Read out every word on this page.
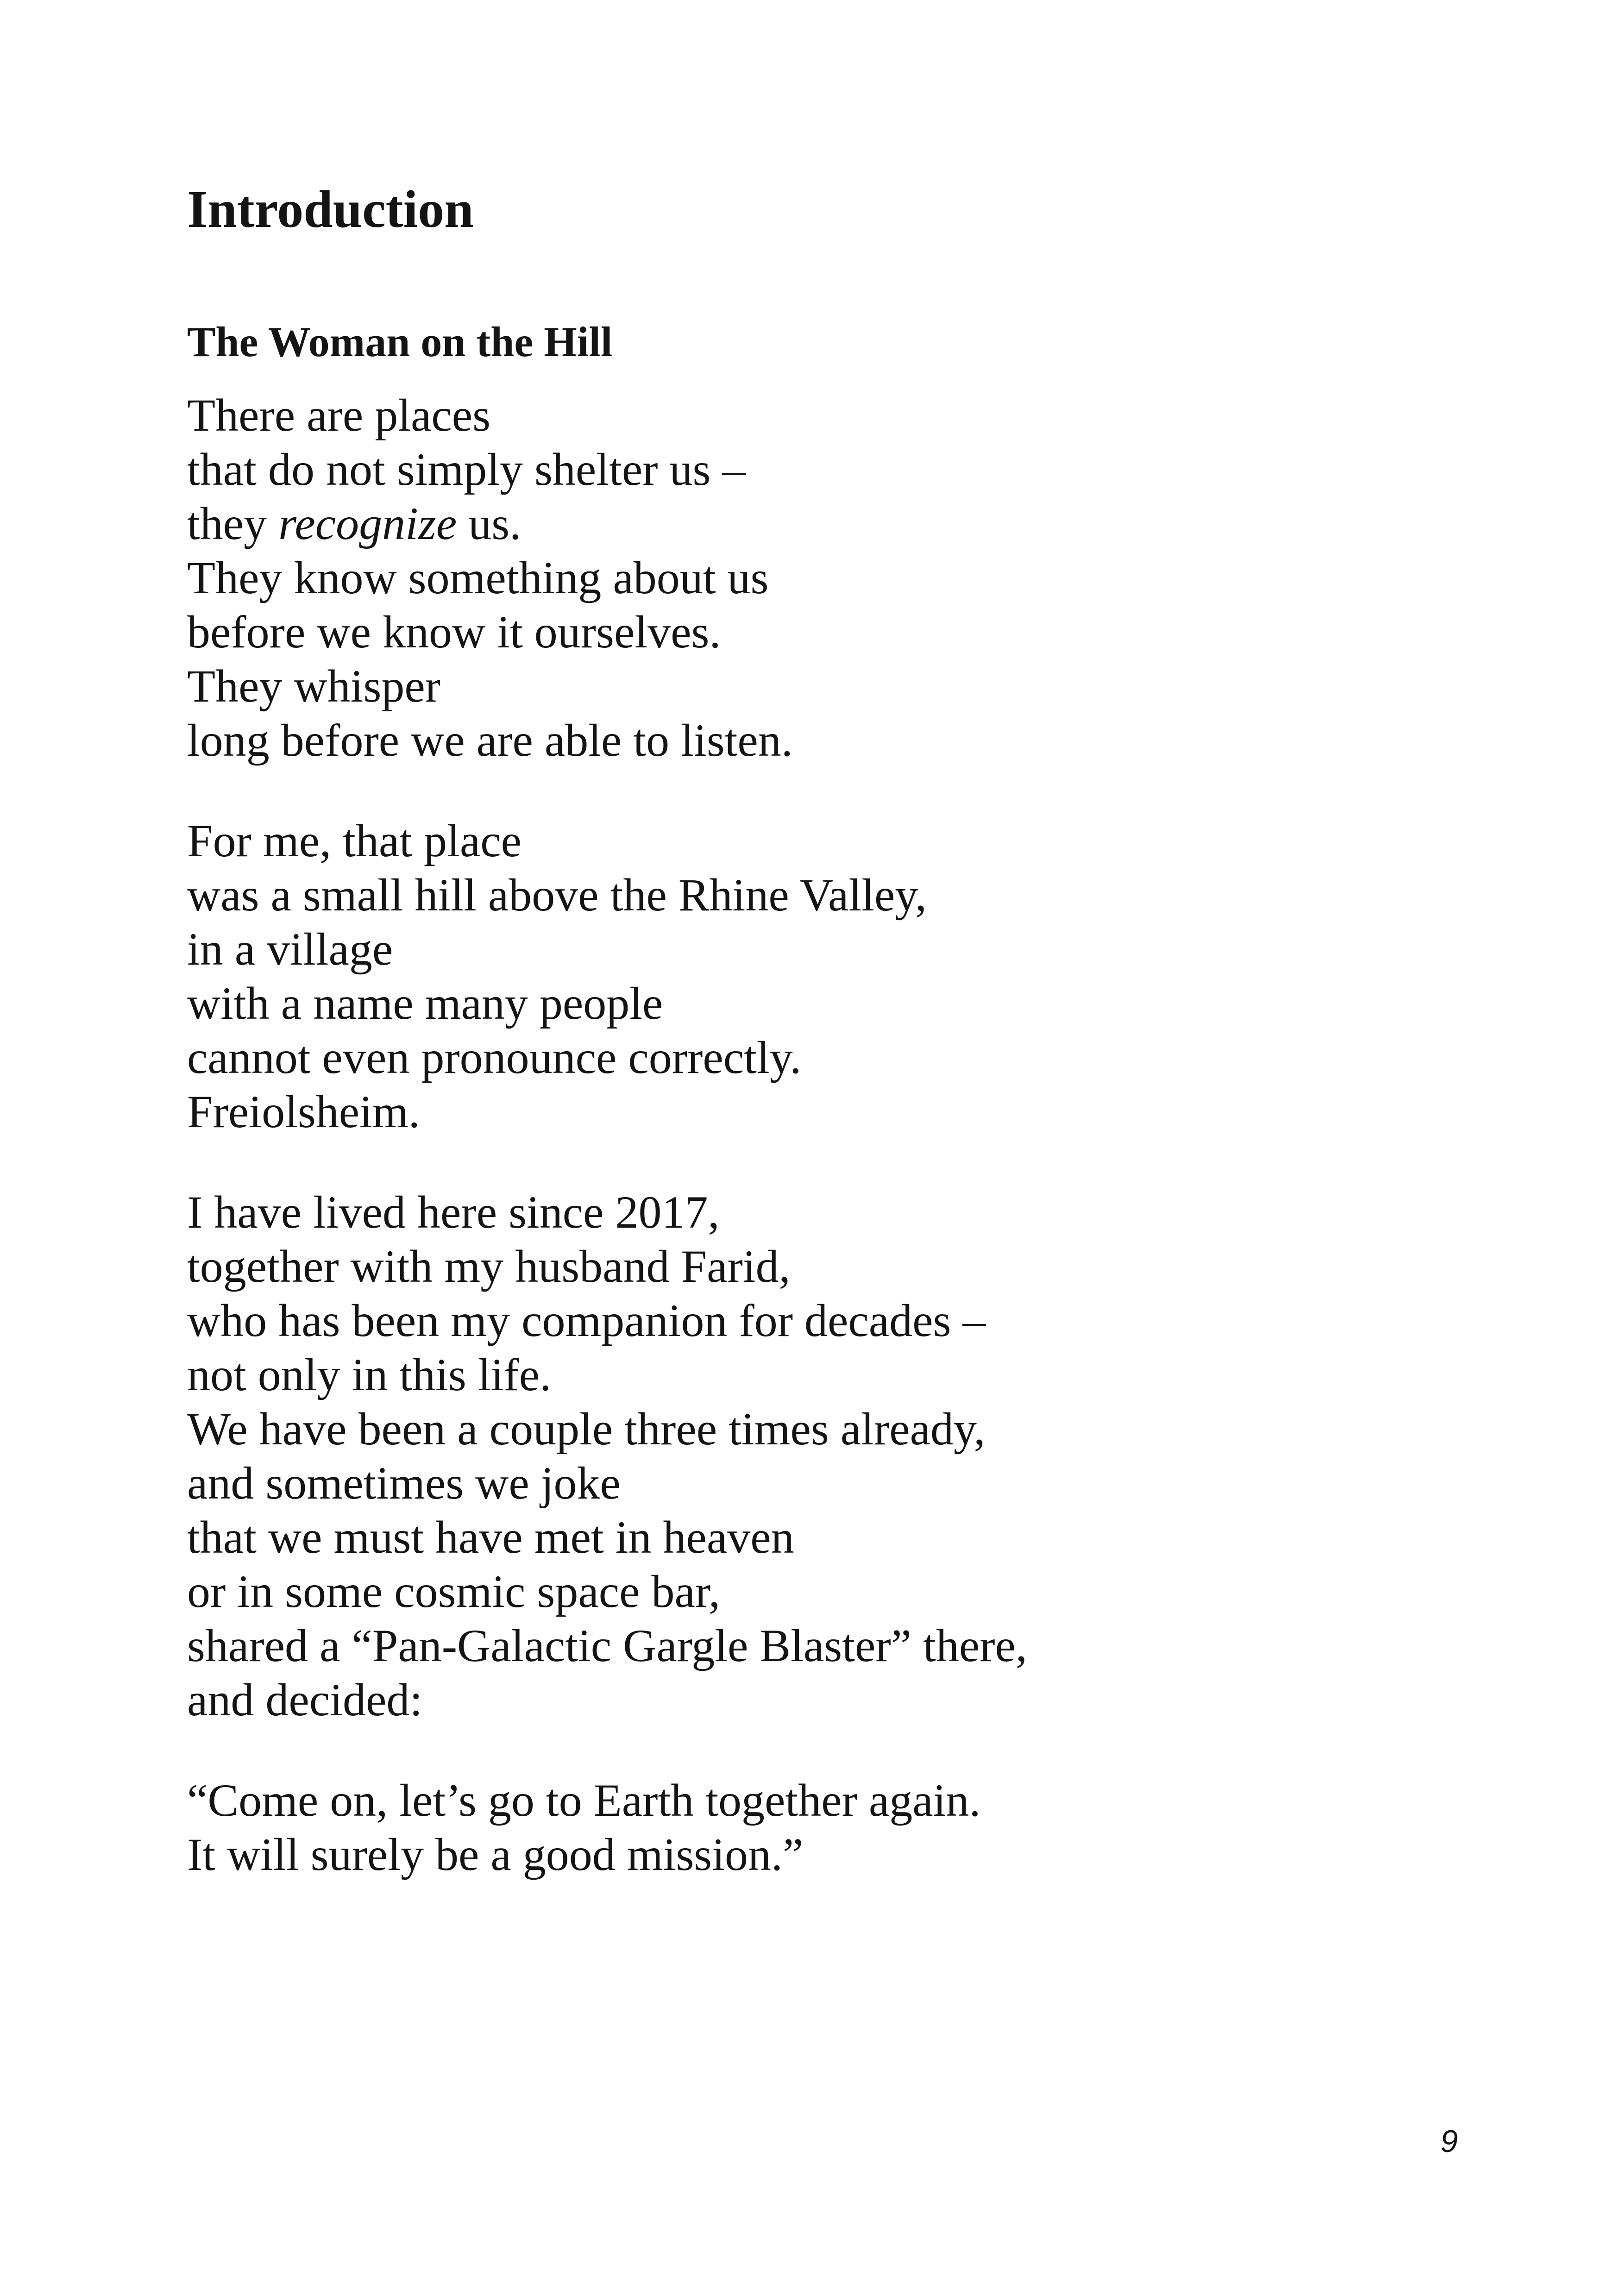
Introduction
The Woman on the Hill
There are places
that do not simply shelter us –
they recognize us.
They know something about us
before we know it ourselves.
They whisper
long before we are able to listen.
For me, that place
was a small hill above the Rhine Valley,
in a village
with a name many people
cannot even pronounce correctly.
Freiolsheim.
I have lived here since 2017,
together with my husband Farid,
who has been my companion for decades –
not only in this life.
We have been a couple three times already,
and sometimes we joke
that we must have met in heaven
or in some cosmic space bar,
shared a “Pan-Galactic Gargle Blaster” there,
and decided:
“Come on, let’s go to Earth together again.
It will surely be a good mission.”
9
